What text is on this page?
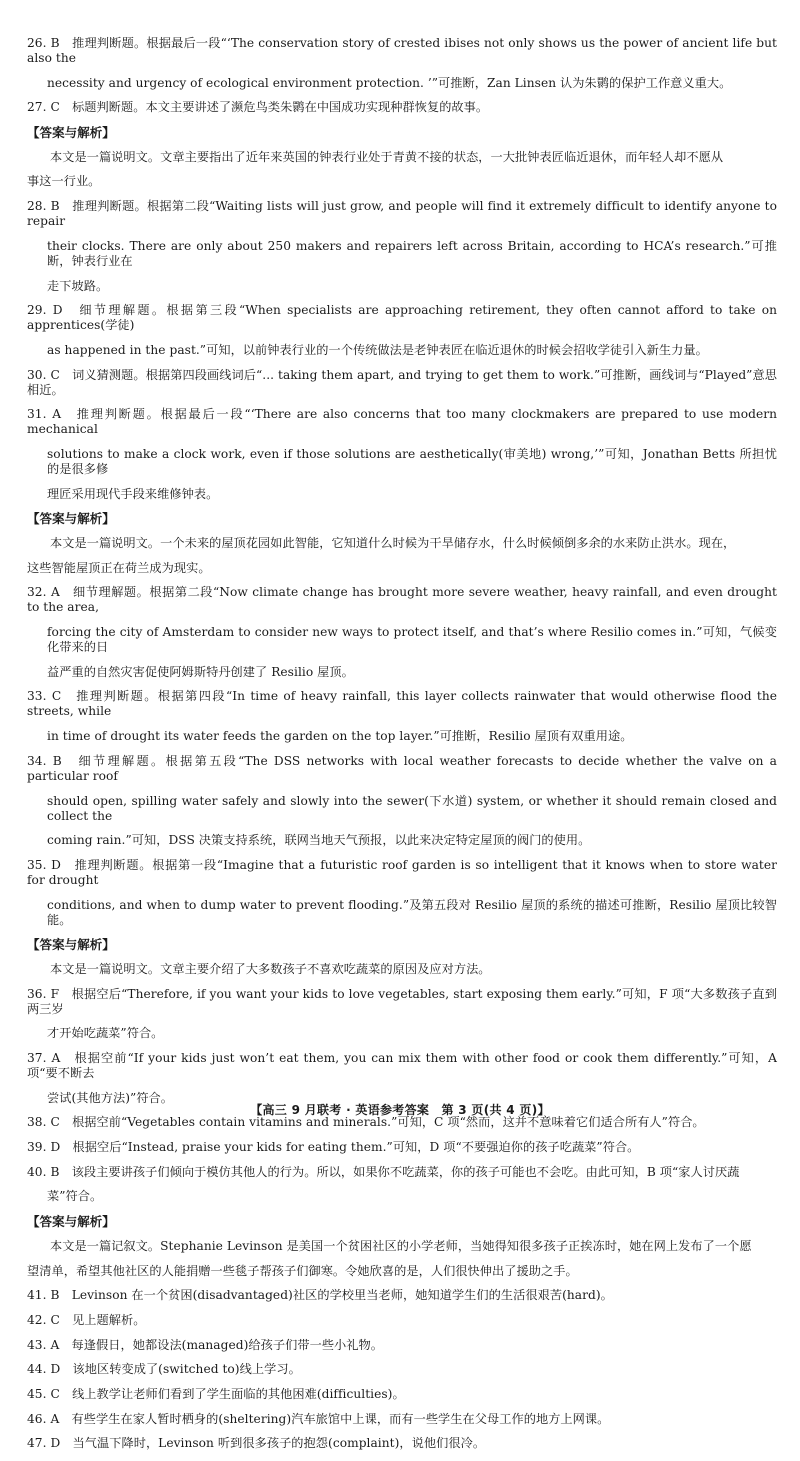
26. B　推理判断题。根据最后一段“‘The conservation story of crested ibises not only shows us the power of ancient life but also the
necessity and urgency of ecological environment protection. ’”可推断，Zan Linsen 认为朱鹮的保护工作意义重大。
27. C　标题判断题。本文主要讲述了濒危鸟类朱鹮在中国成功实现种群恢复的故事。
【答案与解析】
本文是一篇说明文。文章主要指出了近年来英国的钟表行业处于青黄不接的状态，一大批钟表匠临近退休，而年轻人却不愿从
事这一行业。
28. B　推理判断题。根据第二段“Waiting lists will just grow, and people will find it extremely difficult to identify anyone to repair
their clocks. There are only about 250 makers and repairers left across Britain, according to HCA’s research.”可推断，钟表行业在
走下坡路。
29. D　细节理解题。根据第三段“When specialists are approaching retirement, they often cannot afford to take on apprentices(学徒)
as happened in the past.”可知，以前钟表行业的一个传统做法是老钟表匠在临近退休的时候会招收学徒引入新生力量。
30. C　词义猜测题。根据第四段画线词后“... taking them apart, and trying to get them to work.”可推断，画线词与“Played”意思相近。
31. A　推理判断题。根据最后一段“‘There are also concerns that too many clockmakers are prepared to use modern mechanical
solutions to make a clock work, even if those solutions are aesthetically(审美地) wrong,’”可知，Jonathan Betts 所担忧的是很多修
理匠采用现代手段来维修钟表。
【答案与解析】
本文是一篇说明文。一个未来的屋顶花园如此智能，它知道什么时候为干旱储存水，什么时候倾倒多余的水来防止洪水。现在，
这些智能屋顶正在荷兰成为现实。
32. A　细节理解题。根据第二段“Now climate change has brought more severe weather, heavy rainfall, and even drought to the area,
forcing the city of Amsterdam to consider new ways to protect itself, and that’s where Resilio comes in.”可知，气候变化带来的日
益严重的自然灾害促使阿姆斯特丹创建了 Resilio 屋顶。
33. C　推理判断题。根据第四段“In time of heavy rainfall, this layer collects rainwater that would otherwise flood the streets, while
in time of drought its water feeds the garden on the top layer.”可推断，Resilio 屋顶有双重用途。
34. B　细节理解题。根据第五段“The DSS networks with local weather forecasts to decide whether the valve on a particular roof
should open, spilling water safely and slowly into the sewer(下水道) system, or whether it should remain closed and collect the
coming rain.”可知，DSS 决策支持系统，联网当地天气预报，以此来决定特定屋顶的阀门的使用。
35. D　推理判断题。根据第一段“Imagine that a futuristic roof garden is so intelligent that it knows when to store water for drought
conditions, and when to dump water to prevent flooding.”及第五段对 Resilio 屋顶的系统的描述可推断，Resilio 屋顶比较智能。
【答案与解析】
本文是一篇说明文。文章主要介绍了大多数孩子不喜欢吃蔬菜的原因及应对方法。
36. F　根据空后“Therefore, if you want your kids to love vegetables, start exposing them early.”可知，F 项“大多数孩子直到两三岁
才开始吃蔬菜”符合。
37. A　根据空前“If your kids just won’t eat them, you can mix them with other food or cook them differently.”可知，A 项“要不断去
尝试(其他方法)”符合。
38. C　根据空前“Vegetables contain vitamins and minerals.”可知，C 项“然而，这并不意味着它们适合所有人”符合。
39. D　根据空后“Instead, praise your kids for eating them.”可知，D 项“不要强迫你的孩子吃蔬菜”符合。
40. B　该段主要讲孩子们倾向于模仿其他人的行为。所以，如果你不吃蔬菜，你的孩子可能也不会吃。由此可知，B 项“家人讨厌蔬
菜”符合。
【答案与解析】
本文是一篇记叙文。Stephanie Levinson 是美国一个贫困社区的小学老师，当她得知很多孩子正挨冻时，她在网上发布了一个愿
望清单，希望其他社区的人能捐赠一些毯子帮孩子们御寒。令她欣喜的是，人们很快伸出了援助之手。
41. B　Levinson 在一个贫困(disadvantaged)社区的学校里当老师，她知道学生们的生活很艰苦(hard)。
42. C　见上题解析。
43. A　每逢假日，她都设法(managed)给孩子们带一些小礼物。
44. D　该地区转变成了(switched to)线上学习。
45. C　线上教学让老师们看到了学生面临的其他困难(difficulties)。
46. A　有些学生在家人暂时栖身的(sheltering)汽车旅馆中上课，而有一些学生在父母工作的地方上网课。
47. D　当气温下降时，Levinson 听到很多孩子的抱怨(complaint)，说他们很冷。
【高三 9 月联考 · 英语参考答案　第 3 页(共 4 页)】
